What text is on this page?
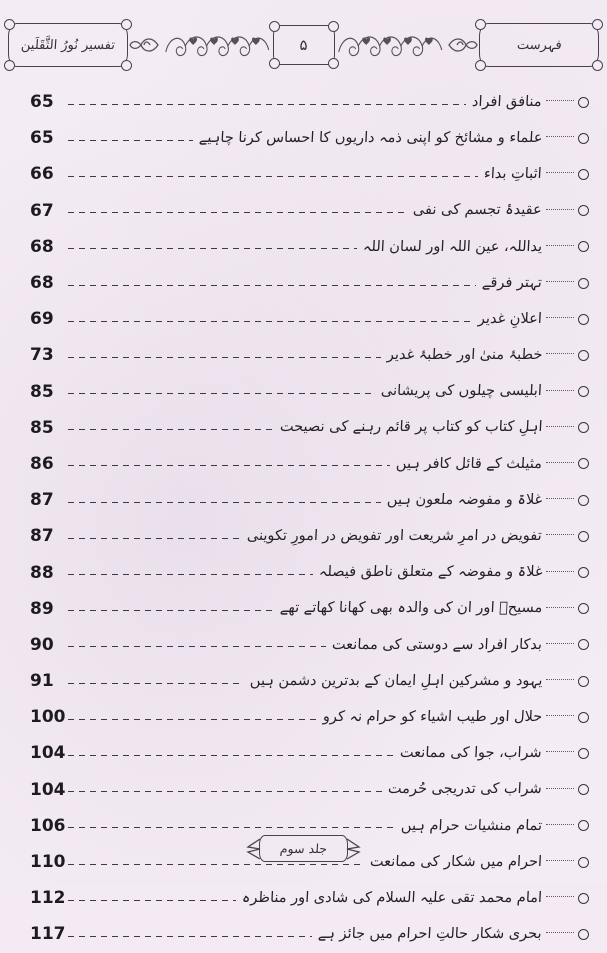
تفسیر نُورُ الثَّقَلَین	۵	فہرست
منافق افراد
65
علماء و مشائخ کو اپنی ذمہ داریوں کا احساس کرنا چاہیے
65
اثباتِ بداء
66
عقیدۂ تجسم کی نفی
67
یداللہ، عین اللہ اور لسان اللہ
68
تہتر فرقے
68
اعلانِ غدیر
69
خطبۂ منیٰ اور خطبۂ غدیر
73
ابلیسی چیلوں کی پریشانی
85
اہلِ کتاب کو کتاب پر قائم رہنے کی نصیحت
85
مثیلث کے قائل کافر ہیں
86
غلاۃ و مفوضہ ملعون ہیں
87
تفویض در امرِ شریعت اور تفویض در امورِ تکوینی
87
غلاۃ و مفوضہ کے متعلق ناطق فیصلہ
88
مسیحؑ اور ان کی والدہ بھی کھانا کھاتے تھے
89
بدکار افراد سے دوستی کی ممانعت
90
یہود و مشرکین اہلِ ایمان کے بدترین دشمن ہیں
91
حلال اور طیب اشیاء کو حرام نہ کرو
100
شراب، جوا کی ممانعت
104
شراب کی تدریجی حُرمت
104
تمام منشیات حرام ہیں
106
احرام میں شکار کی ممانعت
110
امام محمد تقی علیہ السلام کی شادی اور مناظرہ
112
بحری شکار حالتِ احرام میں جائز ہے
117
جلد سوم
